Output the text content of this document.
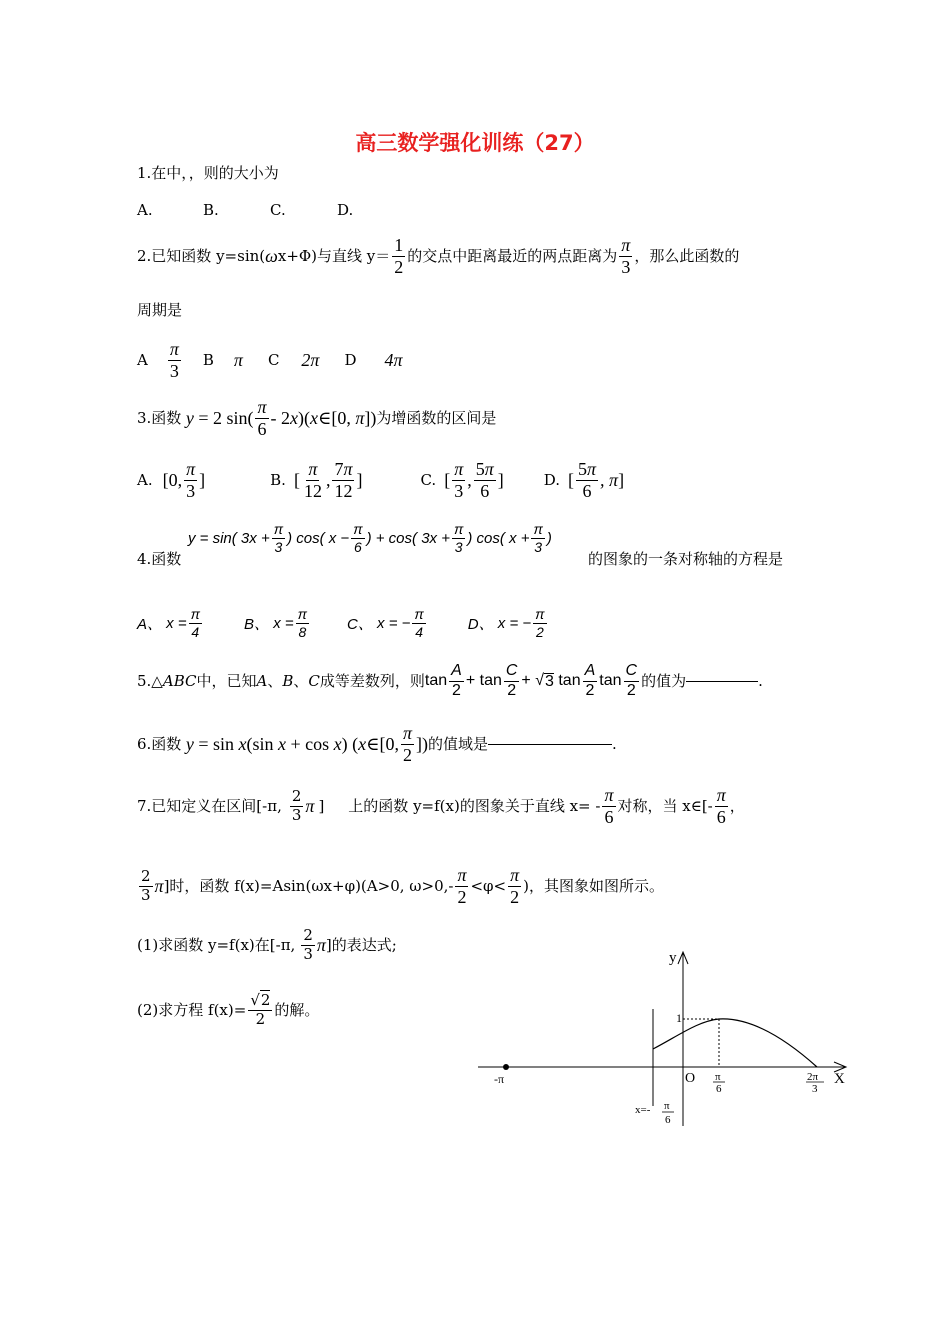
高三数学强化训练（27）
1.在中，，则的大小为
A.	B.	C.	D.
2.已知函数 y=sin( ω x+Φ)与直线 $y= \frac{1}{2}$ 的交点中距离最近的两点距离为 $\frac{\pi}{3}$ ，那么此函数的
周期是
A $\frac{\pi}{3}$ B π C 2π D 4π
3.函数 y = 2 $\sin( \frac{\pi}{6}$ - 2x)(x∈[0, π]) 为增函数的区间是
A. [0, $\frac{\pi}{3}$ ]	B. [ $\frac{\pi}{12}$ , $\frac{7\pi}{12}$ ]	C. [ $\frac{\pi}{3}$ , $\frac{5\pi}{6}$ ]	D. [ $\frac{5\pi}{6}$ , π]
4.函数
y = sin( $3x + \frac{\pi}{3}$ ) cos( $x - \frac{\pi}{6}$ ) + cos( $3x + \frac{\pi}{3}$ ) cos( $x + \frac{\pi}{3}$ )
的图象的一条对称轴的方程是
A、 $x = \frac{\pi}{4}$	B、 $x = \frac{\pi}{8}$	C、 x = − $\frac{\pi}{4}$	D、 x = − $\frac{\pi}{2}$
5.△ ABC 中，已知 A 、 B 、 C 成等差数列，则 $\tan \frac{A}{2} + \tan \frac{C}{2}$ + √ 3 $\tan \frac{A}{2}$ $\tan \frac{C}{2}$ 的值为	.
6.函数 y = sin x(sin x + cos x) (x∈[0, $\frac{\pi}{2}$ ]) 的值域是	.
7.已知定义在区间[-π, $\frac{2}{3}$ π ] 上的函数 y=f(x)的图象关于直线 $x= - \frac{\pi}{6}$ 对称，当 x∈[- $\frac{\pi}{6}$ ，
$\frac{2}{3}$ π ]时，函数 f(x)=Asin(ωx+φ)(A>0, $\omega>0,- \frac{\pi}{2} <\varphi< \frac{\pi}{2}$ )，其图象如图所示。
(1)求函数 y=f(x)在[-π, $\frac{2}{3}$ π ]的表达式;
(2)求方程 $f(x)= \frac{√2}{2}$ 的解。
y
X
O
-π
1
π
6
2π
3
x=- π
6
